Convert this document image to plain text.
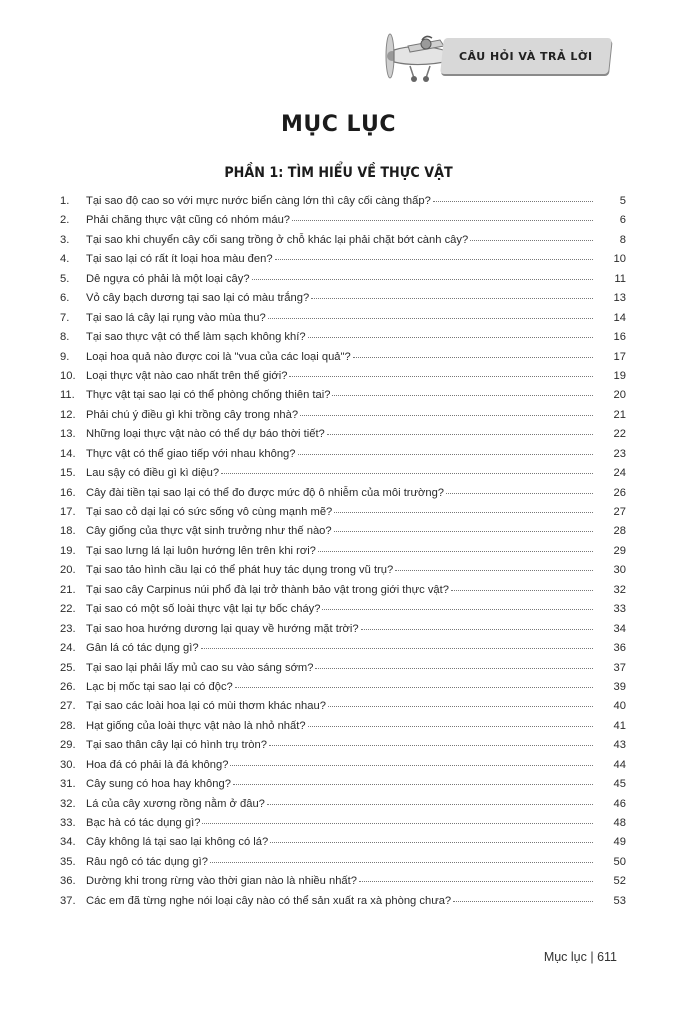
CÂU HỎI VÀ TRẢ LỜI
MỤC LỤC
PHẦN 1: TÌM HIỂU VỀ THỰC VẬT
1.	Tại sao độ cao so với mực nước biển càng lớn thì cây cối càng thấp?	5
2.	Phải chăng thực vật cũng có nhóm máu?	6
3.	Tại sao khi chuyển cây cối sang trồng ở chỗ khác lại phải chặt bớt cành cây?	8
4.	Tại sao lại có rất ít loại hoa màu đen?	10
5.	Dê ngựa có phải là một loại cây?	11
6.	Vỏ cây bạch dương tại sao lại có màu trắng?	13
7.	Tại sao lá cây lại rụng vào mùa thu?	14
8.	Tại sao thực vật có thể làm sạch không khí?	16
9.	Loại hoa quả nào được coi là "vua của các loại quả"?	17
10. Loại thực vật nào cao nhất trên thế giới?	19
11.	Thực vật tại sao lại có thể phòng chống thiên tai?	20
12. Phải chú ý điều gì khi trồng cây trong nhà?	21
13. Những loại thực vật nào có thể dự báo thời tiết?	22
14. Thực vật có thể giao tiếp với nhau không?	23
15. Lau sậy có điều gì kì diệu?	24
16. Cây đài tiền tại sao lại có thể đo được mức độ ô nhiễm của môi trường?	26
17. Tại sao cỏ dại lại có sức sống vô cùng mạnh mẽ?	27
18. Cây giống của thực vật sinh trưởng như thế nào?	28
19. Tại sao lưng lá lại luôn hướng lên trên khi rơi?	29
20. Tại sao tảo hình cầu lại có thể phát huy tác dụng trong vũ trụ?	30
21. Tại sao cây Carpinus núi phổ đà lại trở thành bảo vật trong giới thực vật?	32
22. Tại sao có một số loài thực vật lại tự bốc cháy?	33
23. Tại sao hoa hướng dương lại quay về hướng mặt trời?	34
24. Gân lá có tác dụng gì?	36
25. Tại sao lại phải lấy mủ cao su vào sáng sớm?	37
26. Lạc bị mốc tại sao lại có độc?	39
27. Tại sao các loài hoa lại có mùi thơm khác nhau?	40
28. Hạt giống của loài thực vật nào là nhỏ nhất?	41
29. Tại sao thân cây lại có hình trụ tròn?	43
30. Hoa đá có phải là đá không?	44
31. Cây sung có hoa hay không?	45
32. Lá của cây xương rồng nằm ở đâu?	46
33. Bạc hà có tác dụng gì?	48
34. Cây không lá tại sao lại không có lá?	49
35. Râu ngô có tác dụng gì?	50
36. Dường khi trong rừng vào thời gian nào là nhiều nhất?	52
37. Các em đã từng nghe nói loại cây nào có thể sản xuất ra xà phòng chưa?	53
Mục lục | 611
